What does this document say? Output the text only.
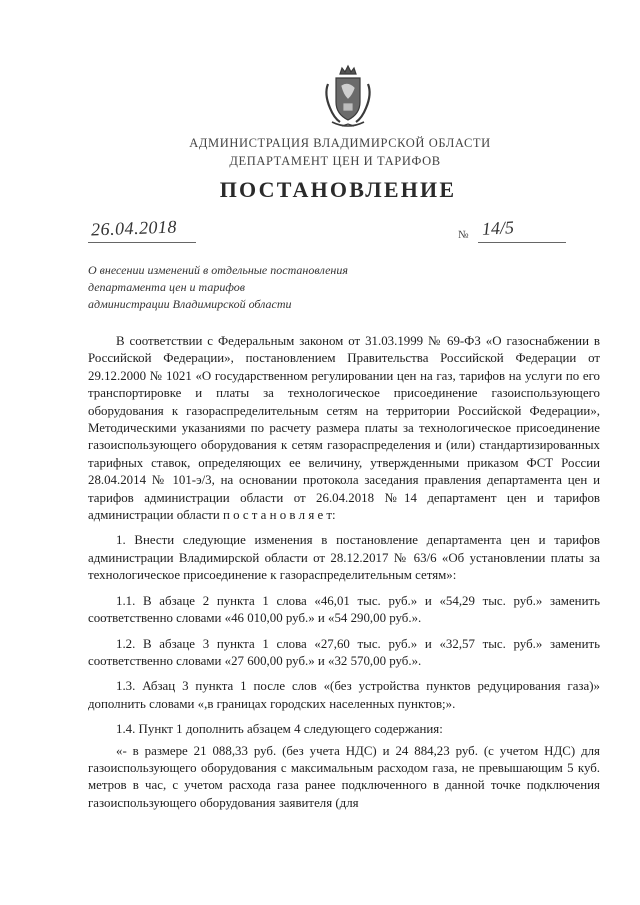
АДМИНИСТРАЦИЯ ВЛАДИМИРСКОЙ ОБЛАСТИ
ДЕПАРТАМЕНТ ЦЕН И ТАРИФОВ
ПОСТАНОВЛЕНИЕ
26.04.2018	№ 14/5
О внесении изменений в отдельные постановления
департамента цен и тарифов
администрации Владимирской области

В соответствии с Федеральным законом от 31.03.1999 № 69-ФЗ «О газоснабжении в Российской Федерации», постановлением Правительства Российской Федерации от 29.12.2000 № 1021 «О государственном регулировании цен на газ, тарифов на услуги по его транспортировке и платы за технологическое присоединение газоиспользующего оборудования к газораспределительным сетям на территории Российской Федерации», Методическими указаниями по расчету размера платы за технологическое присоединение газоиспользующего оборудования к сетям газораспределения и (или) стандартизированных тарифных ставок, определяющих ее величину, утвержденными приказом ФСТ России 28.04.2014 № 101-э/3, на основании протокола заседания правления департамента цен и тарифов администрации области от 26.04.2018 №14 департамент цен и тарифов администрации области п о с т а н о в л я е т:

1. Внести следующие изменения в постановление департамента цен и тарифов администрации Владимирской области от 28.12.2017 № 63/6 «Об установлении платы за технологическое присоединение к газораспределительным сетям»:

1.1. В абзаце 2 пункта 1 слова «46,01 тыс. руб.» и «54,29 тыс. руб.» заменить соответственно словами «46 010,00 руб.» и «54 290,00 руб.».

1.2. В абзаце 3 пункта 1 слова «27,60 тыс. руб.» и «32,57 тыс. руб.» заменить соответственно словами «27 600,00 руб.» и «32 570,00 руб.».

1.3. Абзац 3 пункта 1 после слов «(без устройства пунктов редуцирования газа)» дополнить словами «,в границах городских населенных пунктов;».

1.4. Пункт 1 дополнить абзацем 4 следующего содержания:

«- в размере 21 088,33 руб. (без учета НДС) и 24 884,23 руб. (с учетом НДС) для газоиспользующего оборудования с максимальным расходом газа, не превышающим 5 куб. метров в час, с учетом расхода газа ранее подключенного в данной точке подключения газоиспользующего оборудования заявителя (для
